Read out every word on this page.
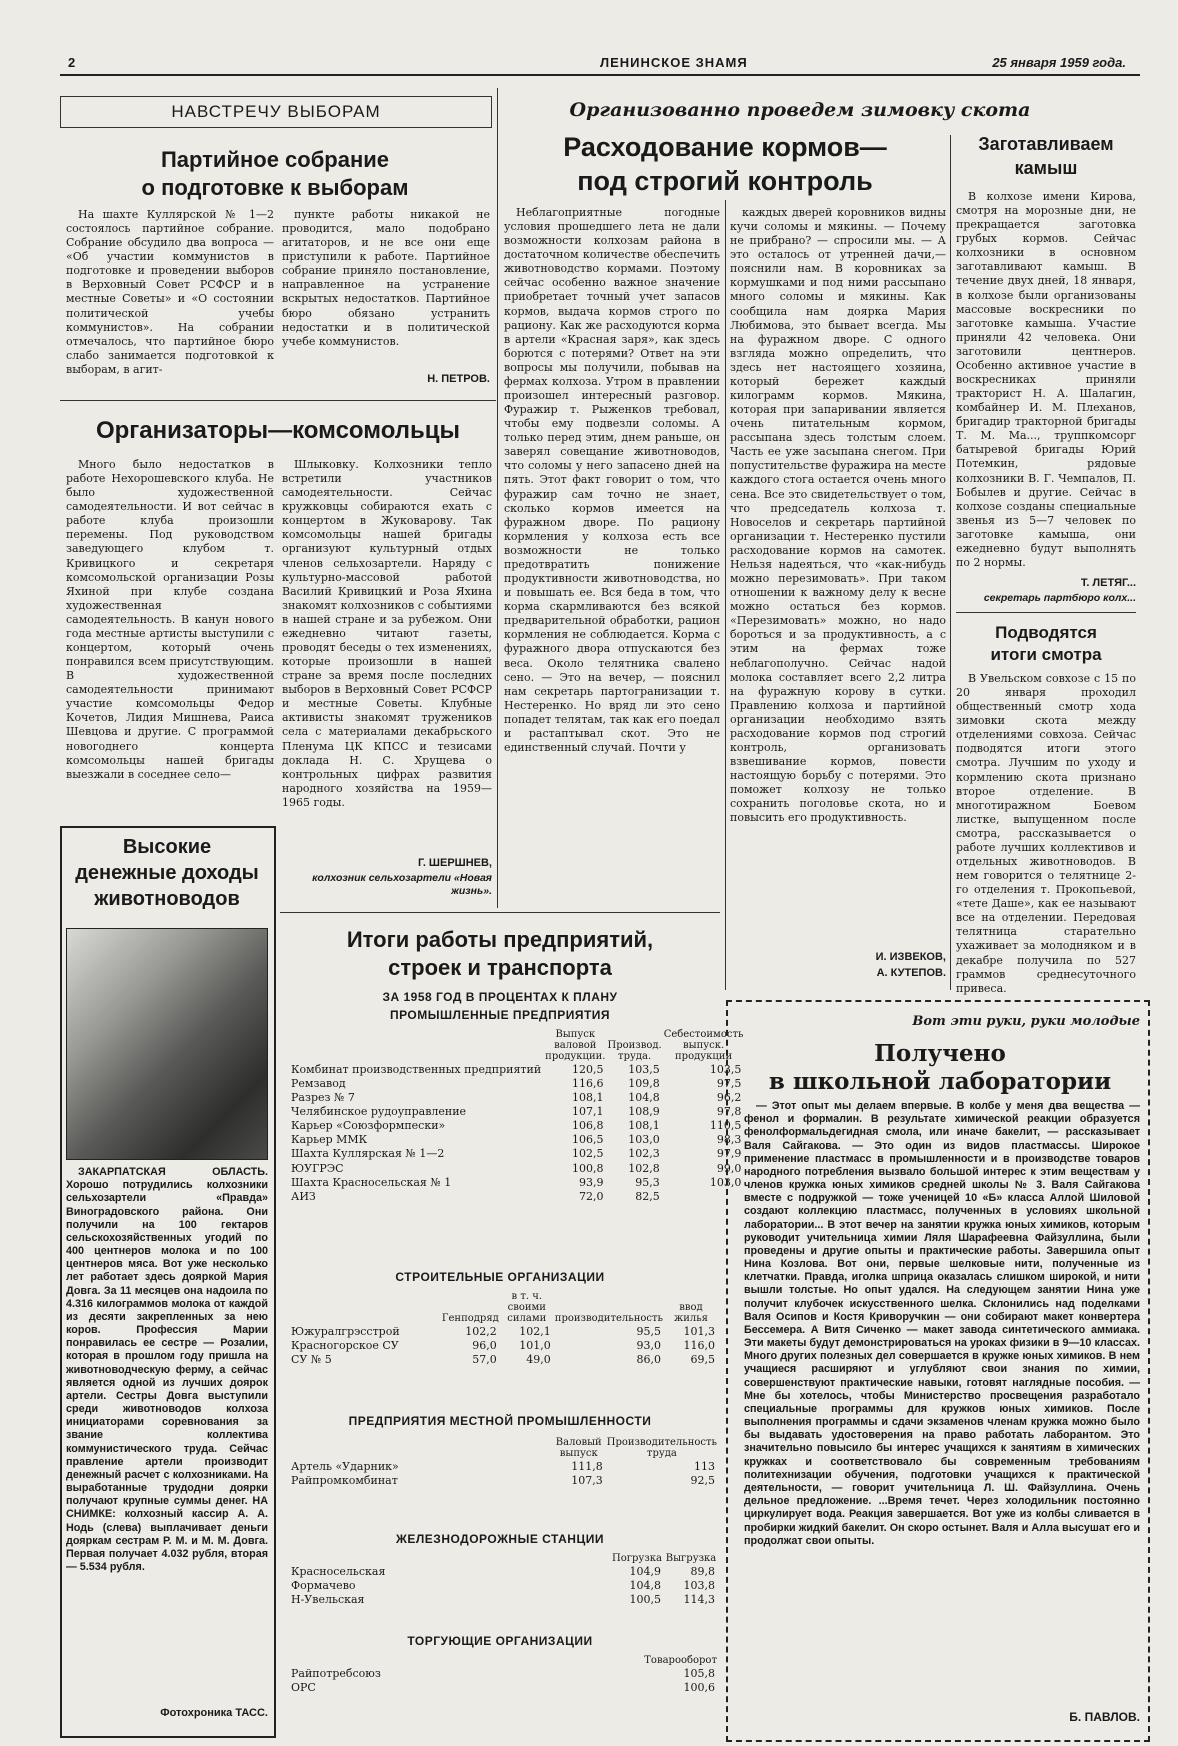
2	ЛЕНИНСКОЕ ЗНАМЯ	25 января 1959 года.
НАВСТРЕЧУ ВЫБОРАМ
Партийное собрание
о подготовке к выборам

На шахте Куллярской № 1—2 состоялось партийное собрание. Собрание обсудило два вопроса — «Об участии коммунистов в подготовке и проведении выборов в Верховный Совет РСФСР и в местные Советы» и «О состоянии политической учебы коммунистов». На собрании отмечалось, что партийное бюро слабо занимается подготовкой к выборам, в агит-

пункте работы никакой не проводится, мало подобрано агитаторов, и не все они еще приступили к работе. Партийное собрание приняло постановление, направленное на устранение вскрытых недостатков. Партийное бюро обязано устранить недостатки и в политической учебе коммунистов.

Н. ПЕТРОВ.
Организаторы—комсомольцы

Много было недостатков в работе Нехорошевского клуба. Не было художественной самодеятельности. И вот сейчас в работе клуба произошли перемены. Под руководством заведующего клубом т. Кривицкого и секретаря комсомольской организации Розы Яхиной при клубе создана художественная самодеятельность. В канун нового года местные артисты выступили с концертом, который очень понравился всем присутствующим. В художественной самодеятельности принимают участие комсомольцы Федор Кочетов, Лидия Мишнева, Раиса Шевцова и другие. С программой новогоднего концерта комсомольцы нашей бригады выезжали в соседнее село—

Шлыковку. Колхозники тепло встретили участников самодеятельности. Сейчас кружковцы собираются ехать с концертом в Жуковарову. Так комсомольцы нашей бригады организуют культурный отдых членов сельхозартели. Наряду с культурно-массовой работой Василий Кривицкий и Роза Яхина знакомят колхозников с событиями в нашей стране и за рубежом. Они ежедневно читают газеты, проводят беседы о тех изменениях, которые произошли в нашей стране за время после последних выборов в Верховный Совет РСФСР и местные Советы. Клубные активисты знакомят тружеников села с материалами декабрьского Пленума ЦК КПСС и тезисами доклада Н. С. Хрущева о контрольных цифрах развития народного хозяйства на 1959—1965 годы.

Г. ШЕРШНЕВ,
колхозник сельхозартели «Новая жизнь».
Высокие
денежные доходы
животноводов

ЗАКАРПАТСКАЯ ОБЛАСТЬ. Хорошо потрудились колхозники сельхозартели «Правда» Виноградовского района. Они получили на 100 гектаров сельскохозяйственных угодий по 400 центнеров молока и по 100 центнеров мяса. Вот уже несколько лет работает здесь дояркой Мария Довга. За 11 месяцев она надоила по 4.316 килограммов молока от каждой из десяти закрепленных за нею коров. Профессия Марии понравилась ее сестре — Розалии, которая в прошлом году пришла на животноводческую ферму, а сейчас является одной из лучших доярок артели. Сестры Довга выступили среди животноводов колхоза инициаторами соревнования за звание коллектива коммунистического труда. Сейчас правление артели производит денежный расчет с колхозниками. На выработанные трудодни доярки получают крупные суммы денег. НА СНИМКЕ: колхозный кассир А. А. Нодь (слева) выплачивает деньги дояркам сестрам Р. М. и М. М. Довга. Первая получает 4.032 рубля, вторая — 5.534 рубля.

Фотохроника ТАСС.
Организованно проведем зимовку скота
Расходование кормов—
под строгий контроль

Неблагоприятные погодные условия прошедшего лета не дали возможности колхозам района в достаточном количестве обеспечить животноводство кормами. Поэтому сейчас особенно важное значение приобретает точный учет запасов кормов, выдача кормов строго по рациону. Как же расходуются корма в артели «Красная заря», как здесь борются с потерями? Ответ на эти вопросы мы получили, побывав на фермах колхоза. Утром в правлении произошел интересный разговор. Фуражир т. Рыженков требовал, чтобы ему подвезли соломы. А только перед этим, днем раньше, он заверял совещание животноводов, что соломы у него запасено дней на пять. Этот факт говорит о том, что фуражир сам точно не знает, сколько кормов имеется на фуражном дворе. По рациону кормления у колхоза есть все возможности не только предотвратить понижение продуктивности животноводства, но и повышать ее. Вся беда в том, что корма скармливаются без всякой предварительной обработки, рацион кормления не соблюдается. Корма с фуражного двора отпускаются без веса. Около телятника свалено сено. — Это на вечер, — пояснил нам секретарь партогранизации т. Нестеренко. Но вряд ли это сено попадет телятам, так как его поедал и растаптывал скот. Это не единственный случай. Почти у

каждых дверей коровников видны кучи соломы и мякины. — Почему не прибрано? — спросили мы. — А это осталось от утренней дачи,— пояснили нам. В коровниках за кормушками и под ними рассыпано много соломы и мякины. Как сообщила нам доярка Мария Любимова, это бывает всегда. Мы на фуражном дворе. С одного взгляда можно определить, что здесь нет настоящего хозяина, который бережет каждый килограмм кормов. Мякина, которая при запаривании является очень питательным кормом, рассыпана здесь толстым слоем. Часть ее уже засыпана снегом. При попустительстве фуражира на месте каждого стога остается очень много сена. Все это свидетельствует о том, что председатель колхоза т. Новоселов и секретарь партийной организации т. Нестеренко пустили расходование кормов на самотек. Нельзя надеяться, что «как-нибудь можно перезимовать». При таком отношении к важному делу к весне можно остаться без кормов. «Перезимовать» можно, но надо бороться и за продуктивность, а с этим на фермах тоже неблагополучно. Сейчас надой молока составляет всего 2,2 литра на фуражную корову в сутки. Правлению колхоза и партийной организации необходимо взять расходование кормов под строгий контроль, организовать взвешивание кормов, повести настоящую борьбу с потерями. Это поможет колхозу не только сохранить поголовье скота, но и повысить его продуктивность.

И. ИЗВЕКОВ,
А. КУТЕПОВ.
Заготавливаем
камыш

В колхозе имени Кирова, смотря на морозные дни, не прекращается заготовка грубых кормов. Сейчас колхозники в основном заготавливают камыш. В течение двух дней, 18 января, в колхозе были организованы массовые воскресники по заготовке камыша. Участие приняли 42 человека. Они заготовили центнеров. Особенно активное участие в воскресниках приняли тракторист Н. А. Шалагин, комбайнер И. М. Плеханов, бригадир тракторной бригады Т. М. Ма..., труппкомсорг батыревой бригады Юрий Потемкин, рядовые колхозники В. Г. Чемпалов, П. Бобылев и другие. Сейчас в колхозе созданы специальные звенья из 5—7 человек по заготовке камыша, они ежедневно будут выполнять по 2 нормы.

Т. ЛЕТЯГ...
секретарь партбюро колх...
Подводятся
итоги смотра

В Увельском совхозе с 15 по 20 января проходил общественный смотр хода зимовки скота между отделениями совхоза. Сейчас подводятся итоги этого смотра. Лучшим по уходу и кормлению скота признано второе отделение. В многотиражном Боевом листке, выпущенном после смотра, рассказывается о работе лучших коллективов и отдельных животноводов. В нем говорится о телятнице 2-го отделения т. Прокопьевой, «тете Даше», как ее называют все на отделении. Передовая телятница старательно ухаживает за молодняком и в декабре получила по 527 граммов среднесуточного привеса.

Итоги работы предприятий,
строек и транспорта
ЗА 1958 ГОД В ПРОЦЕНТАХ К ПЛАНУ
ПРОМЫШЛЕННЫЕ ПРЕДПРИЯТИЯ
	Выпуск валовой продукции.	Производ. труда.	Себестоимость выпуск. продукции
Комбинат производственных предприятий	120,5	103,5	103,5
Ремзавод	116,6	109,8	97,5
Разрез № 7	108,1	104,8	96,2
Челябинское рудоуправление	107,1	108,9	97,8
Карьер «Союзформпески»	106,8	108,1	110,5
Карьер ММК	106,5	103,0	98,3
Шахта Куллярская № 1—2	102,5	102,3	97,9
ЮУГРЭС	100,8	102,8	99,0
Шахта Красносельская № 1	93,9	95,3	103,0
АИЗ	72,0	82,5	
СТРОИТЕЛЬНЫЕ ОРГАНИЗАЦИИ
	Генподряд	в т. ч. своими силами	производительность	ввод жилья
Южуралгрэсстрой	102,2	102,1	95,5	101,3
Красногорское СУ	96,0	101,0	93,0	116,0
СУ № 5	57,0	49,0	86,0	69,5
ПРЕДПРИЯТИЯ МЕСТНОЙ ПРОМЫШЛЕННОСТИ
	Валовый выпуск	Производительность труда
Артель «Ударник»	111,8	113
Райпромкомбинат	107,3	92,5
ЖЕЛЕЗНОДОРОЖНЫЕ СТАНЦИИ
	Погрузка	Выгрузка
Красносельская	104,9	89,8
Формачево	104,8	103,8
Н-Увельская	100,5	114,3
ТОРГУЮЩИЕ ОРГАНИЗАЦИИ
	Товарооборот
Райпотребсоюз	105,8
ОРС	100,6
Вот эти руки, руки молодые
Получено
в школьной лаборатории

— Этот опыт мы делаем впервые. В колбе у меня два вещества — фенол и формалин. В результате химической реакции образуется фенолформальдегидная смола, или иначе бакелит, — рассказывает Валя Сайгакова. — Это один из видов пластмассы. Широкое применение пластмасс в промышленности и в производстве товаров народного потребления вызвало большой интерес к этим веществам у членов кружка юных химиков средней школы № 3. Валя Сайгакова вместе с подружкой — тоже ученицей 10 «Б» класса Аллой Шиловой создают коллекцию пластмасс, полученных в условиях школьной лаборатории... В этот вечер на занятии кружка юных химиков, которым руководит учительница химии Ляля Шарафеевна Файзуллина, были проведены и другие опыты и практические работы. Завершила опыт Нина Козлова. Вот они, первые шелковые нити, полученные из клетчатки. Правда, иголка шприца оказалась слишком широкой, и нити вышли толстые. Но опыт удался. На следующем занятии Нина уже получит клубочек искусственного шелка. Склонились над поделками Валя Осипов и Костя Криворучкин — они собирают макет конвертера Бессемера. А Витя Сиченко — макет завода синтетического аммиака. Эти макеты будут демонстрироваться на уроках физики в 9—10 классах. Много других полезных дел совершается в кружке юных химиков. В нем учащиеся расширяют и углубляют свои знания по химии, совершенствуют практические навыки, готовят наглядные пособия. —Мне бы хотелось, чтобы Министерство просвещения разработало специальные программы для кружков юных химиков. После выполнения программы и сдачи экзаменов членам кружка можно было бы выдавать удостоверения на право работать лаборантом. Это значительно повысило бы интерес учащихся к занятиям в химических кружках и соответствовало бы современным требованиям политехнизации обучения, подготовки учащихся к практической деятельности, — говорит учительница Л. Ш. Файзуллина. Очень дельное предложение. ...Время течет. Через холодильник постоянно циркулирует вода. Реакция завершается. Вот уже из колбы сливается в пробирки жидкий бакелит. Он скоро остынет. Валя и Алла высушат его и продолжат свои опыты.

Б. ПАВЛОВ.
